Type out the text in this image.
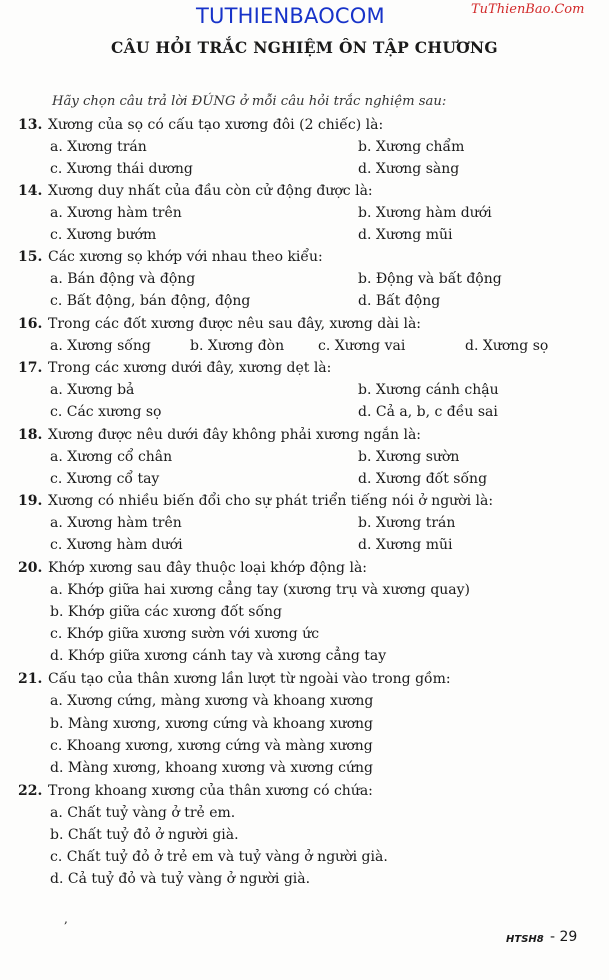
TUTHIENBAOCOM	TuThienBao.Com
CÂU HỎI TRẮC NGHIỆM ÔN TẬP CHƯƠNG
Hãy chọn câu trả lời ĐÚNG ở mỗi câu hỏi trắc nghiệm sau:
13. Xương của sọ có cấu tạo xương đôi (2 chiếc) là:
a. Xương trán	b. Xương chẩm
c. Xương thái dương	d. Xương sàng
14. Xương duy nhất của đầu còn cử động được là:
a. Xương hàm trên	b. Xương hàm dưới
c. Xương bướm	d. Xương mũi
15. Các xương sọ khớp với nhau theo kiểu:
a. Bán động và động	b. Động và bất động
c. Bất động, bán động, động	d. Bất động
16. Trong các đốt xương được nêu sau đây, xương dài là:
a. Xương sống	b. Xương đòn c. Xương vai	d. Xương sọ
17. Trong các xương dưới đây, xương dẹt là:
a. Xương bả	b. Xương cánh chậu
c. Các xương sọ	d. Cả a, b, c đều sai
18. Xương được nêu dưới đây không phải xương ngắn là:
a. Xương cổ chân	b. Xương sườn
c. Xương cổ tay	d. Xương đốt sống
19. Xương có nhiều biến đổi cho sự phát triển tiếng nói ở người là:
a. Xương hàm trên	b. Xương trán
c. Xương hàm dưới	d. Xương mũi
20. Khớp xương sau đây thuộc loại khớp động là:
a. Khớp giữa hai xương cẳng tay (xương trụ và xương quay)
b. Khớp giữa các xương đốt sống
c. Khớp giữa xương sườn với xương ức
d. Khớp giữa xương cánh tay và xương cẳng tay
21. Cấu tạo của thân xương lần lượt từ ngoài vào trong gồm:
a. Xương cứng, màng xương và khoang xương
b. Màng xương, xương cứng và khoang xương
c. Khoang xương, xương cứng và màng xương
d. Màng xương, khoang xương và xương cứng
22. Trong khoang xương của thân xương có chứa:
a. Chất tuỷ vàng ở trẻ em.
b. Chất tuỷ đỏ ở người già.
c. Chất tuỷ đỏ ở trẻ em và tuỷ vàng ở người già.
d. Cả tuỷ đỏ và tuỷ vàng ở người già.
,
HTSH8 - 29
